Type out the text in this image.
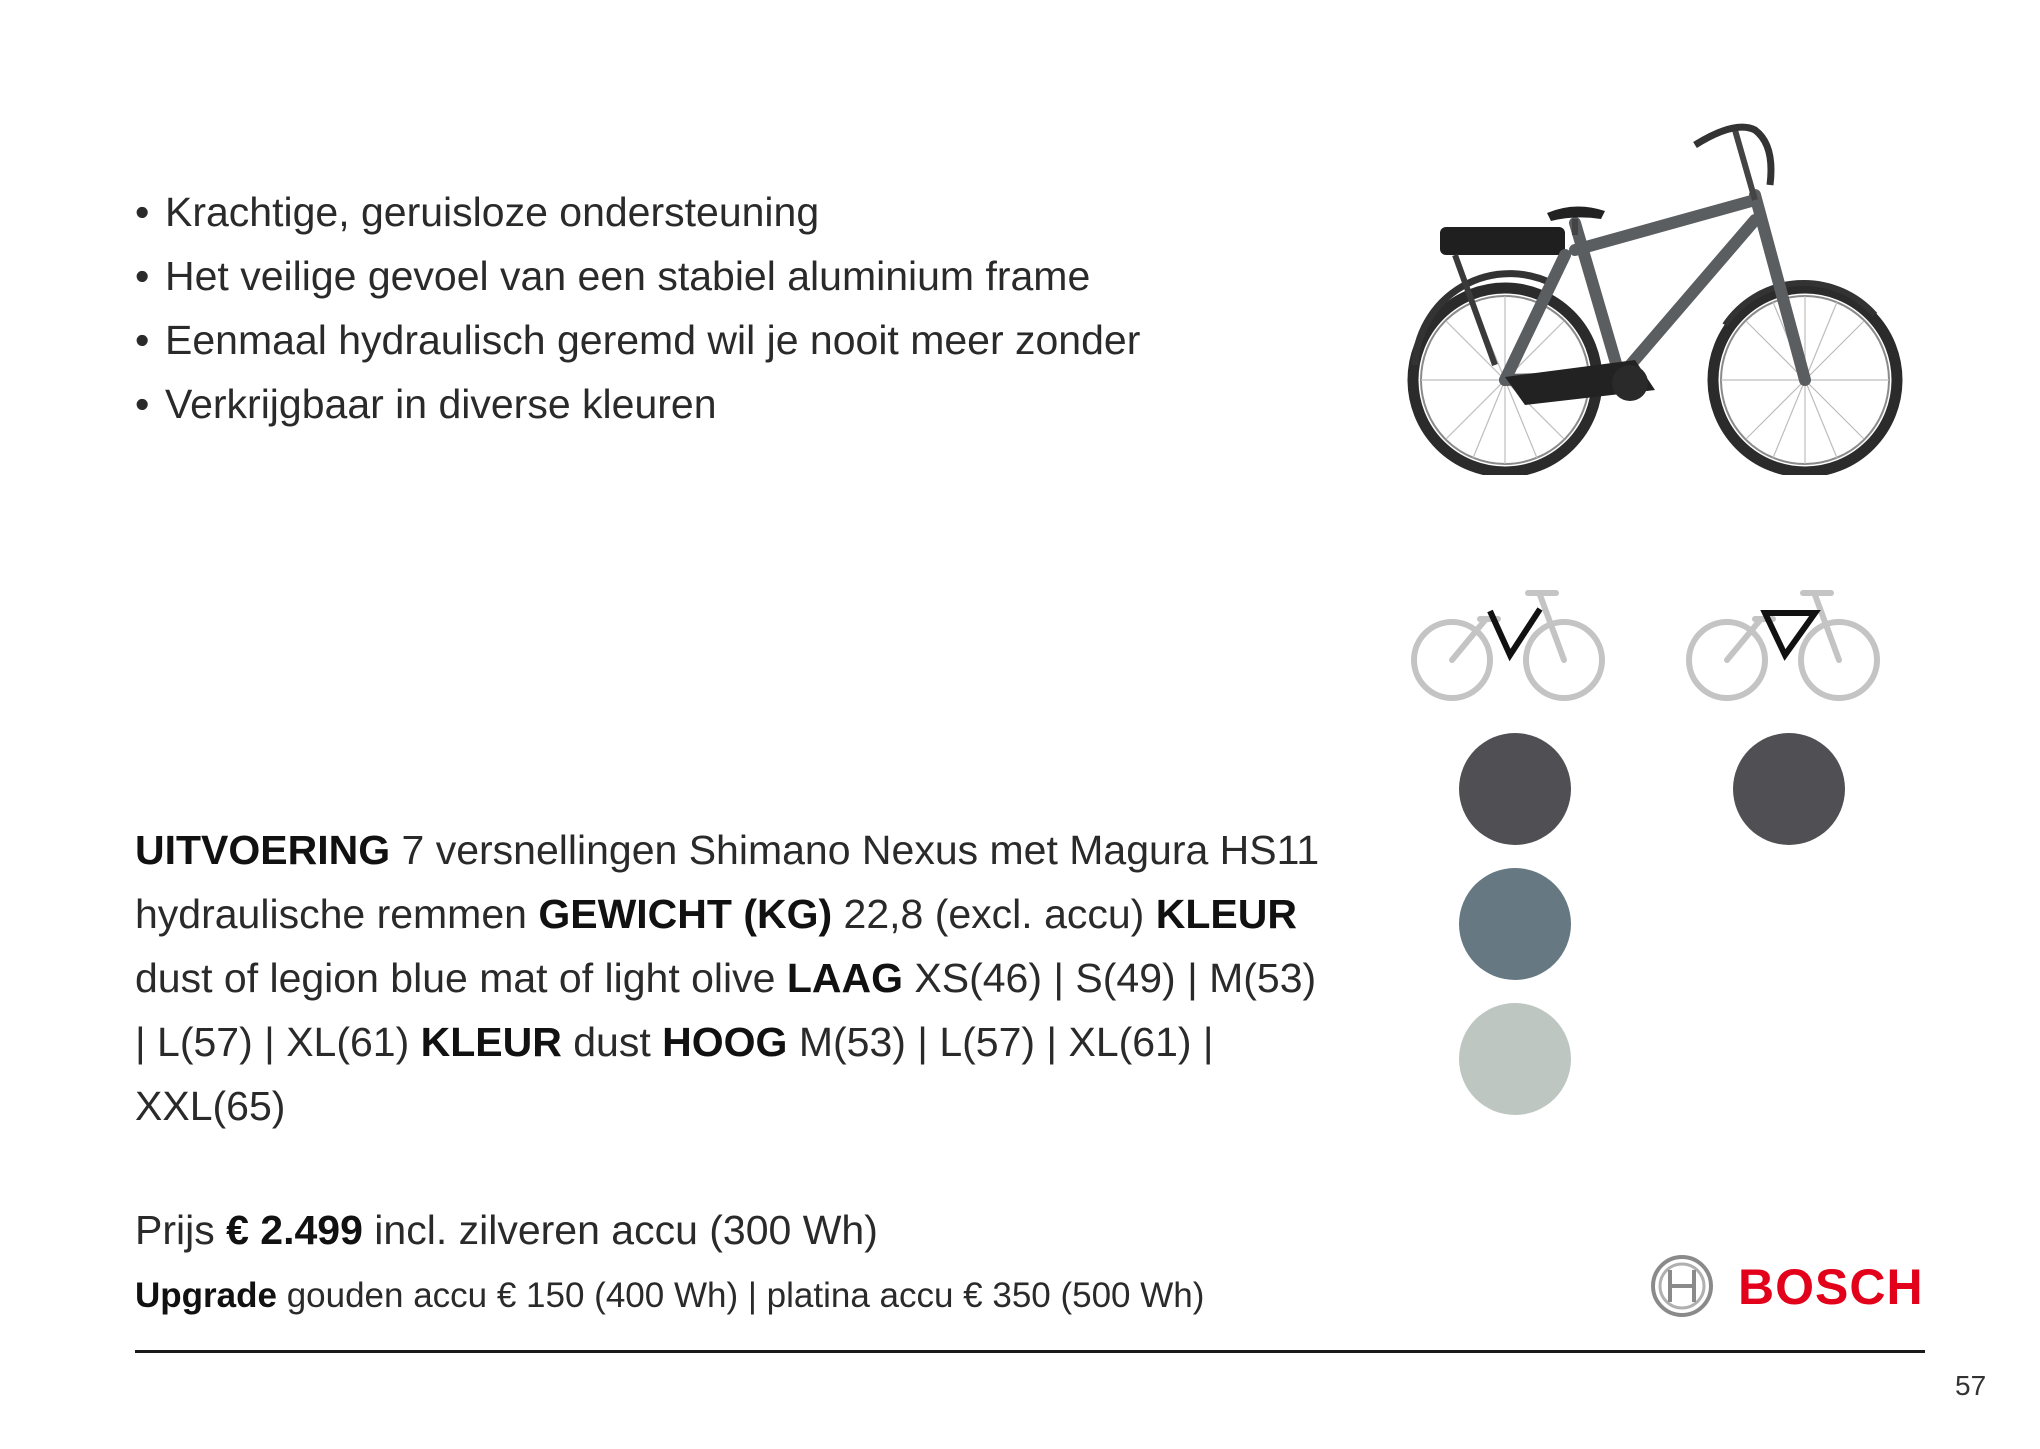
• Krachtige, geruisloze ondersteuning
• Het veilige gevoel van een stabiel aluminium frame
• Eenmaal hydraulisch geremd wil je nooit meer zonder
• Verkrijgbaar in diverse kleuren

UITVOERING 7 versnellingen Shimano Nexus met Magura HS11 hydraulische remmen GEWICHT (KG) 22,8 (excl. accu) KLEUR dust of legion blue mat of light olive LAAG XS(46) | S(49) | M(53) | L(57) | XL(61) KLEUR dust HOOG M(53) | L(57) | XL(61) | XXL(65)

Prijs € 2.499 incl. zilveren accu (300 Wh)
Upgrade gouden accu € 150 (400 Wh) | platina accu € 350 (500 Wh)	BOSCH
57
